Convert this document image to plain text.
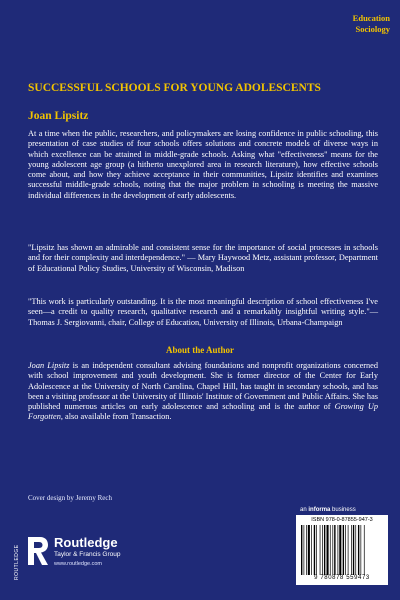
Education
Sociology
SUCCESSFUL SCHOOLS FOR YOUNG ADOLESCENTS
Joan Lipsitz

At a time when the public, researchers, and policymakers are losing confidence in public schooling, this presentation of case studies of four schools offers solutions and concrete models of diverse ways in which excellence can be attained in middle-grade schools. Asking what "effectiveness" means for the young adolescent age group (a hitherto unexplored area in research literature), how effective schools come about, and how they achieve acceptance in their communities, Lipsitz identifies and examines successful middle-grade schools, noting that the major problem in schooling is meeting the massive individual differences in the development of early adolescents.

"Lipsitz has shown an admirable and consistent sense for the importance of social processes in schools and for their complexity and interdependence." — Mary Haywood Metz, assistant professor, Department of Educational Policy Studies, University of Wisconsin, Madison

"This work is particularly outstanding. It is the most meaningful description of school effectiveness I've seen—a credit to quality research, qualitative research and a remarkably insightful writing style."—Thomas J. Sergiovanni, chair, College of Education, University of Illinois, Urbana-Champaign

About the Author

Joan Lipsitz is an independent consultant advising foundations and nonprofit organizations concerned with school improvement and youth development. She is former director of the Center for Early Adolescence at the University of North Carolina, Chapel Hill, has taught in secondary schools, and has been a visiting professor at the University of Illinois' Institute of Government and Public Affairs. She has published numerous articles on early adolescence and schooling and is the author of Growing Up Forgotten, also available from Transaction.

Cover design by Jeremy Rech
ROUTLEDGE
Routledge
Taylor & Francis Group
www.routledge.com
an informa business
ISBN 978-0-87855-947-3
9 780878 559473
